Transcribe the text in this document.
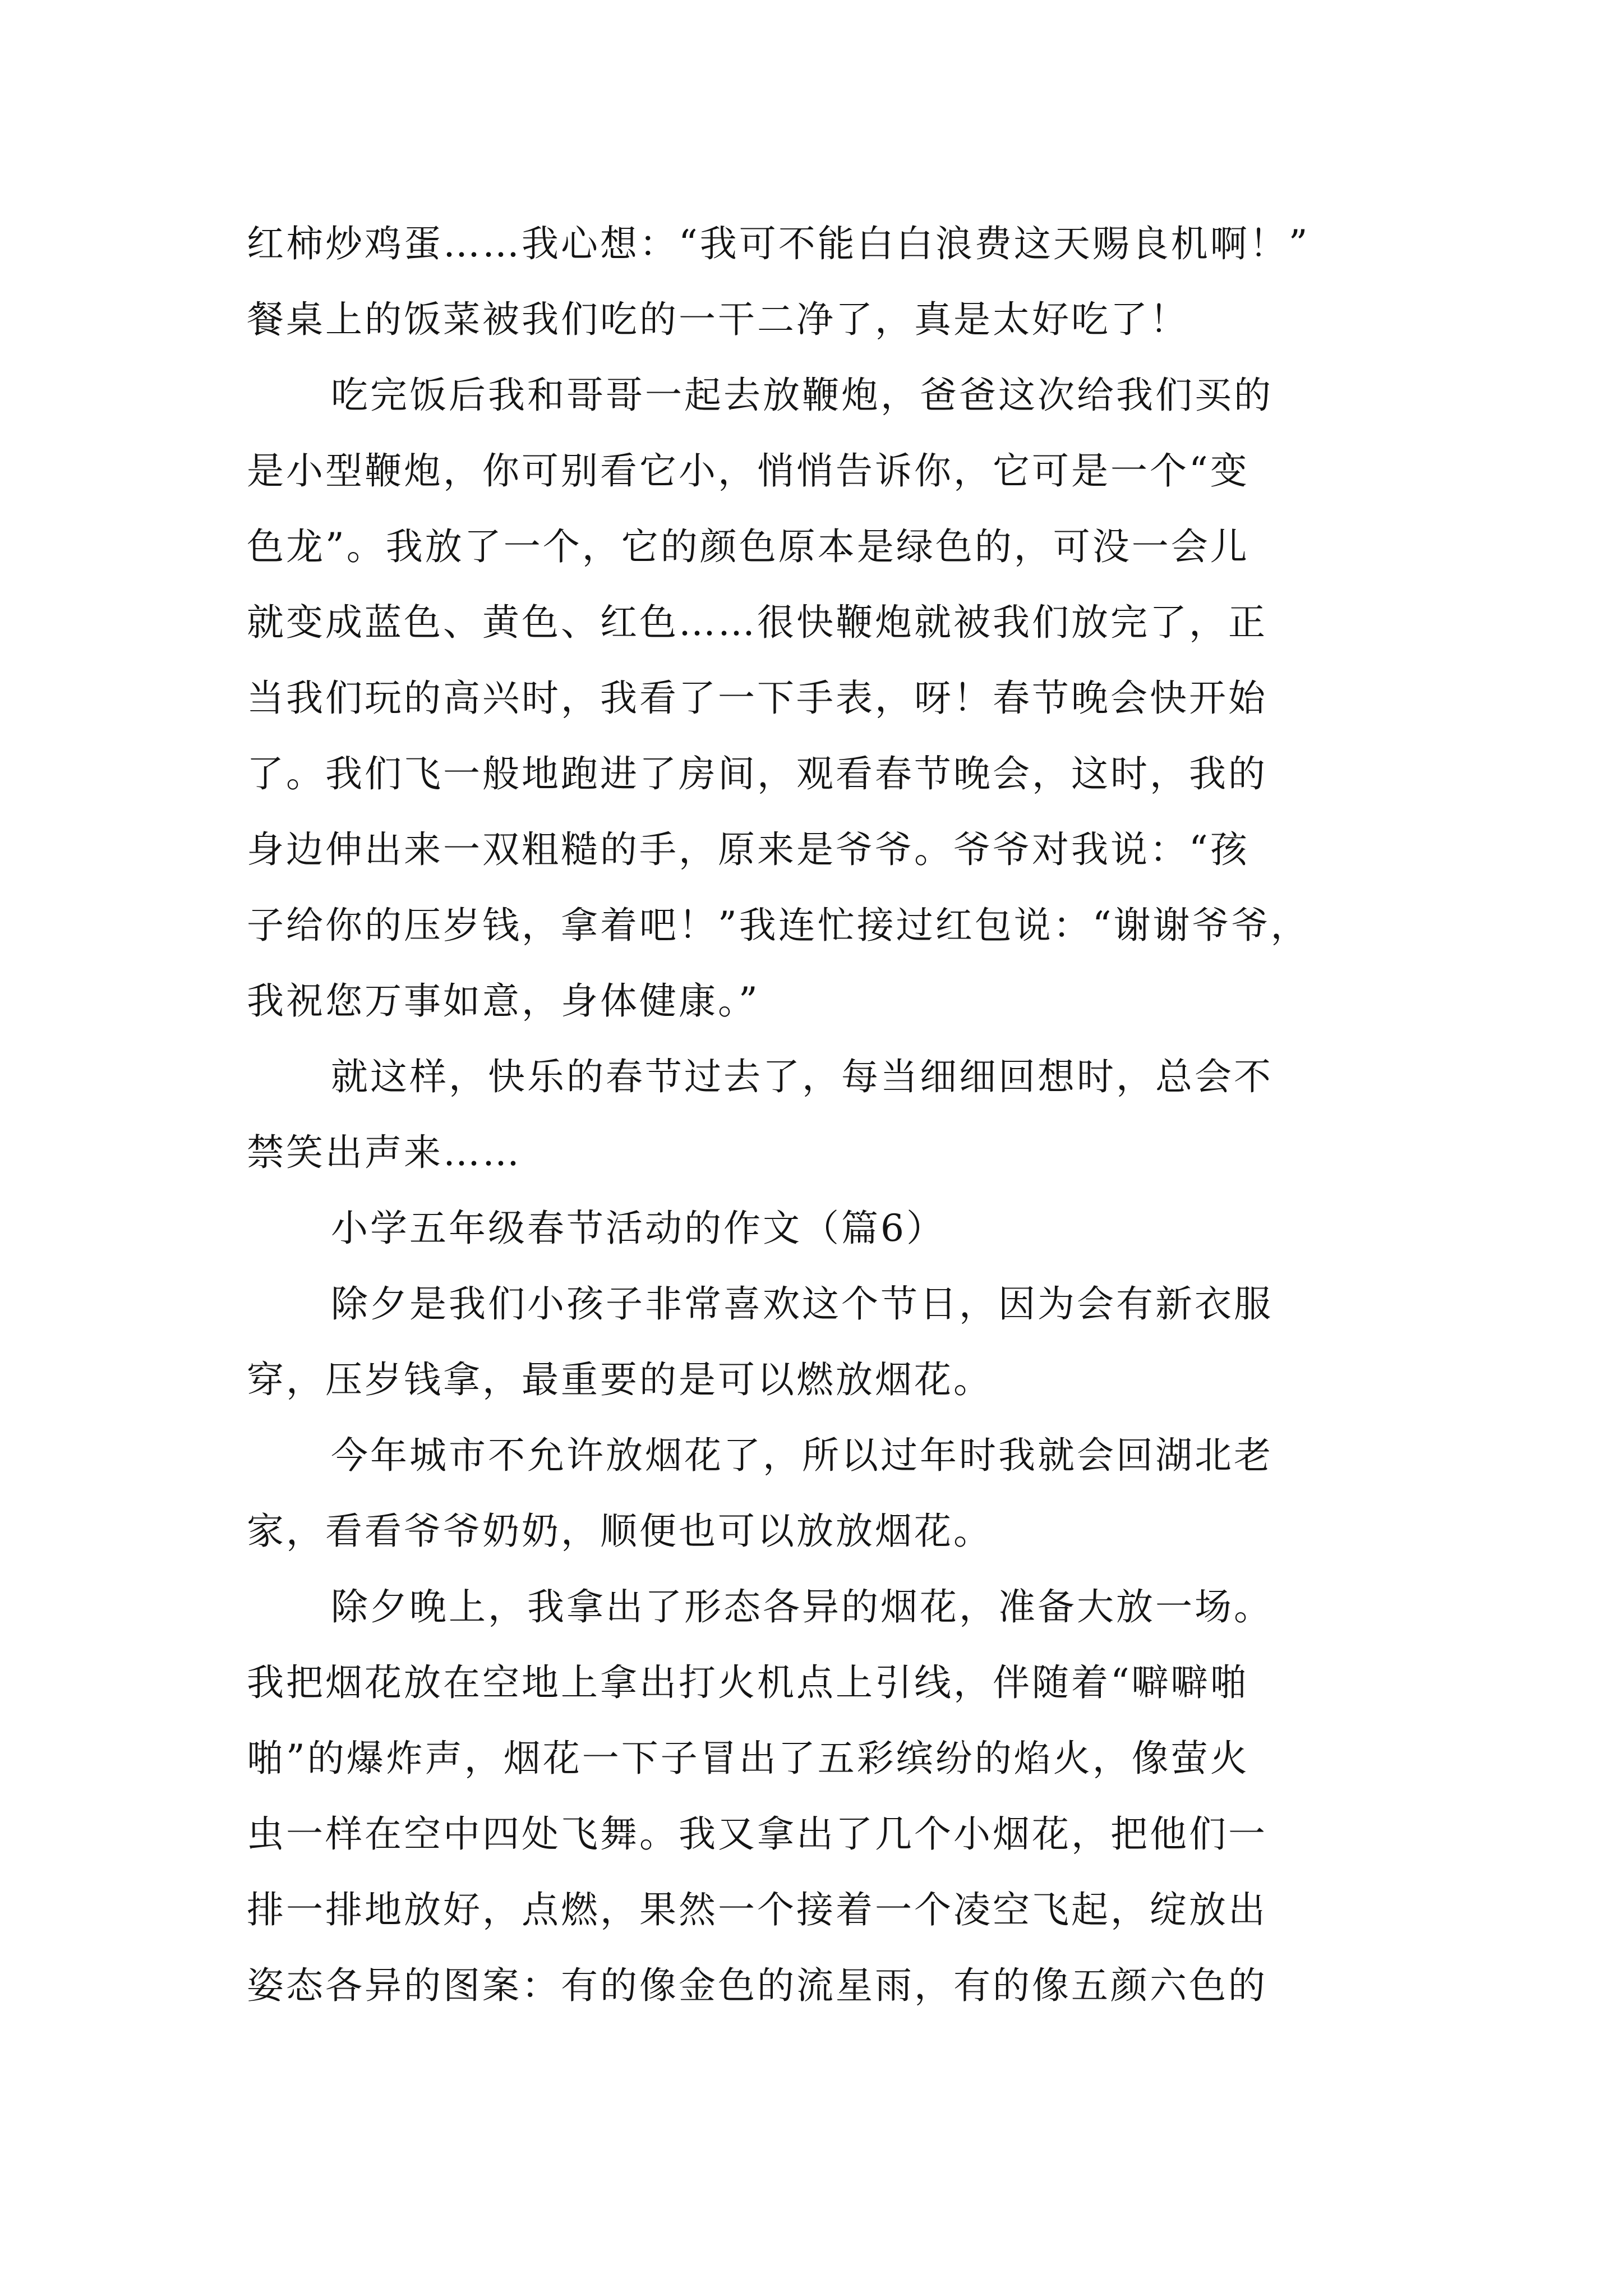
红柿炒鸡蛋……我心想：“我可不能白白浪费这天赐良机啊！”
餐桌上的饭菜被我们吃的一干二净了，真是太好吃了！
吃完饭后我和哥哥一起去放鞭炮，爸爸这次给我们买的
是小型鞭炮，你可别看它小，悄悄告诉你，它可是一个“变
色龙”。我放了一个，它的颜色原本是绿色的，可没一会儿
就变成蓝色、黄色、红色……很快鞭炮就被我们放完了，正
当我们玩的高兴时，我看了一下手表，呀！春节晚会快开始
了。我们飞一般地跑进了房间，观看春节晚会，这时，我的
身边伸出来一双粗糙的手，原来是爷爷。爷爷对我说：“孩
子给你的压岁钱，拿着吧！”我连忙接过红包说：“谢谢爷爷，
我祝您万事如意，身体健康。”
就这样，快乐的春节过去了，每当细细回想时，总会不
禁笑出声来……
小学五年级春节活动的作文（篇6）
除夕是我们小孩子非常喜欢这个节日，因为会有新衣服
穿，压岁钱拿，最重要的是可以燃放烟花。
今年城市不允许放烟花了，所以过年时我就会回湖北老
家，看看爷爷奶奶，顺便也可以放放烟花。
除夕晚上，我拿出了形态各异的烟花，准备大放一场。
我把烟花放在空地上拿出打火机点上引线，伴随着“噼噼啪
啪”的爆炸声，烟花一下子冒出了五彩缤纷的焰火，像萤火
虫一样在空中四处飞舞。我又拿出了几个小烟花，把他们一
排一排地放好，点燃，果然一个接着一个凌空飞起，绽放出
姿态各异的图案：有的像金色的流星雨，有的像五颜六色的
